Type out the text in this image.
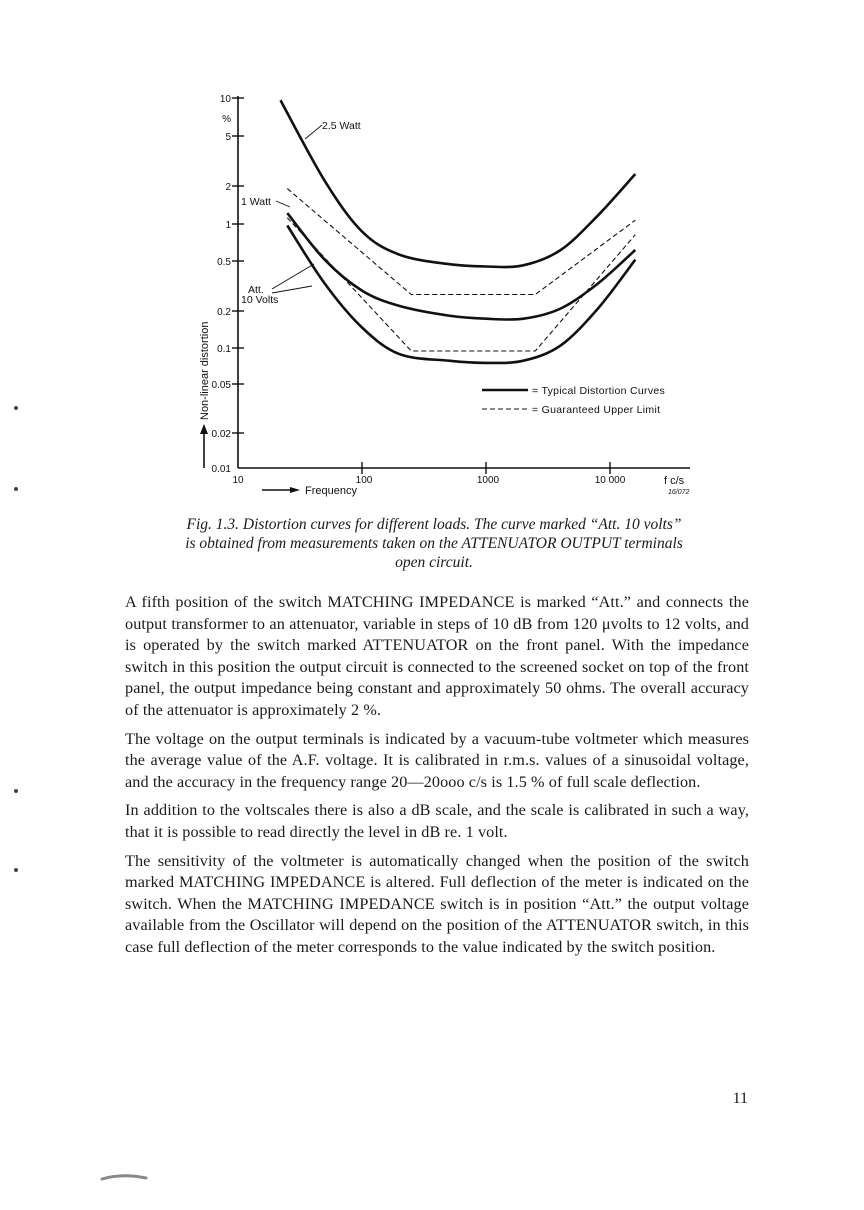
10
%
5
2
1
0.5
0.2
0.1
0.05
0.02
0.01
Non-linear distortion
10	100	1000	10 000	f c/s
16/072
Frequency
2.5 Watt
1 Watt
Att.
10 Volts
= Typical Distortion Curves
= Guaranteed Upper Limit

Fig. 1.3. Distortion curves for different loads. The curve marked “Att. 10 volts”
is obtained from measurements taken on the ATTENUATOR OUTPUT terminals
open circuit.

A fifth position of the switch MATCHING IMPEDANCE is marked “Att.” and connects the output transformer to an attenuator, variable in steps of 10 dB from 120 μvolts to 12 volts, and is operated by the switch marked ATTENUATOR on the front panel. With the impedance switch in this position the output circuit is connected to the screened socket on top of the front panel, the output impedance being constant and approximately 50 ohms. The overall accuracy of the attenuator is approximately 2 %.

The voltage on the output terminals is indicated by a vacuum-tube voltmeter which measures the average value of the A.F. voltage. It is calibrated in r.m.s. values of a sinusoidal voltage, and the accuracy in the frequency range 20—20ooo c/s is 1.5 % of full scale deflection.

In addition to the voltscales there is also a dB scale, and the scale is calibrated in such a way, that it is possible to read directly the level in dB re. 1 volt.

The sensitivity of the voltmeter is automatically changed when the position of the switch marked MATCHING IMPEDANCE is altered. Full deflection of the meter is indicated on the switch. When the MATCHING IMPEDANCE switch is in position “Att.” the output voltage available from the Oscillator will depend on the position of the ATTENUATOR switch, in this case full deflection of the meter corresponds to the value indicated by the switch position.

11
